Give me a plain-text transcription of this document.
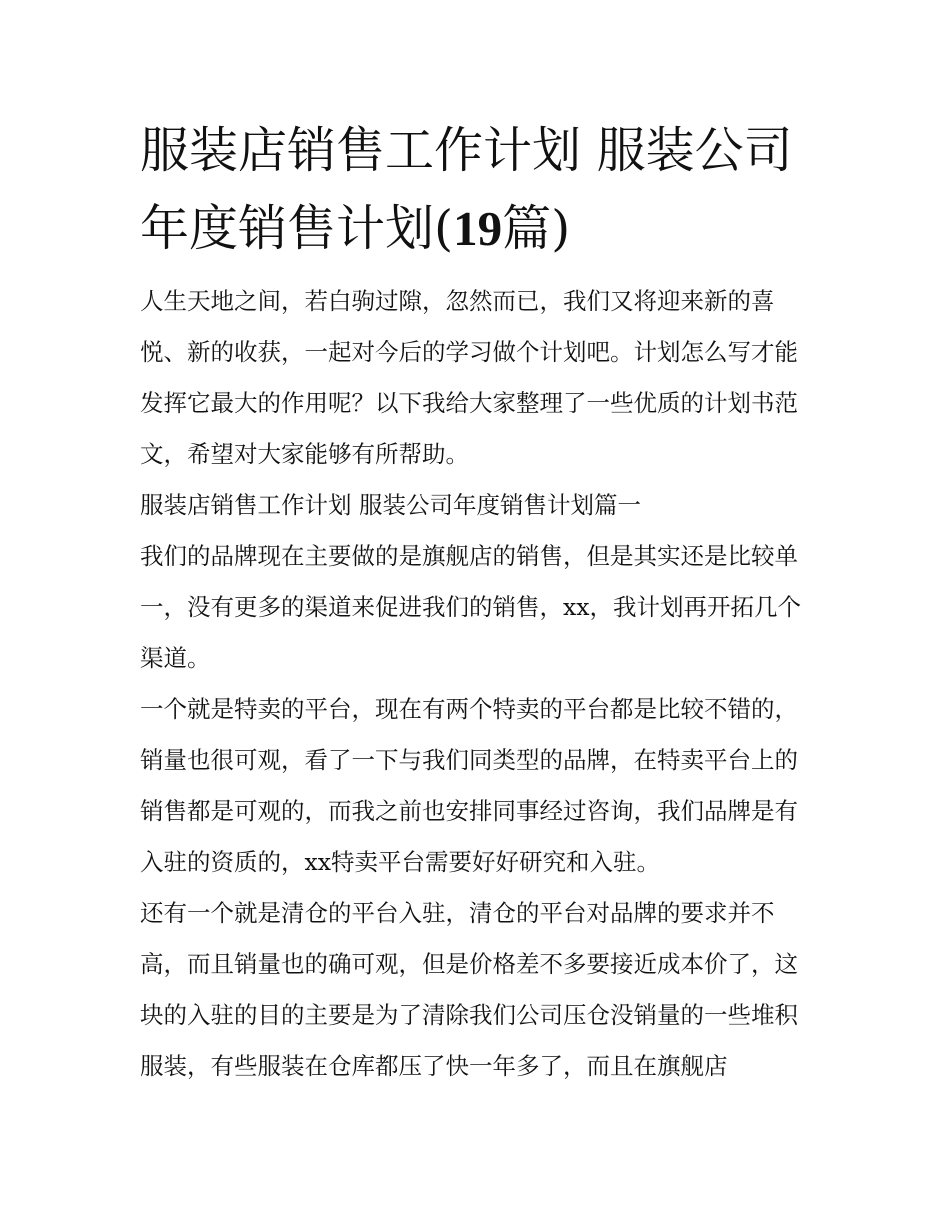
服装店销售工作计划 服装公司
年度销售计划(19篇)

人生天地之间，若白驹过隙，忽然而已，我们又将迎来新的喜悦、新的收获，一起对今后的学习做个计划吧。计划怎么写才能发挥它最大的作用呢？以下我给大家整理了一些优质的计划书范文，希望对大家能够有所帮助。

服装店销售工作计划 服装公司年度销售计划篇一

我们的品牌现在主要做的是旗舰店的销售，但是其实还是比较单一，没有更多的渠道来促进我们的销售，xx，我计划再开拓几个渠道。

一个就是特卖的平台，现在有两个特卖的平台都是比较不错的，销量也很可观，看了一下与我们同类型的品牌，在特卖平台上的销售都是可观的，而我之前也安排同事经过咨询，我们品牌是有入驻的资质的，xx特卖平台需要好好研究和入驻。

还有一个就是清仓的平台入驻，清仓的平台对品牌的要求并不高，而且销量也的确可观，但是价格差不多要接近成本价了，这块的入驻的目的主要是为了清除我们公司压仓没销量的一些堆积服装，有些服装在仓库都压了快一年多了，而且在旗舰店
